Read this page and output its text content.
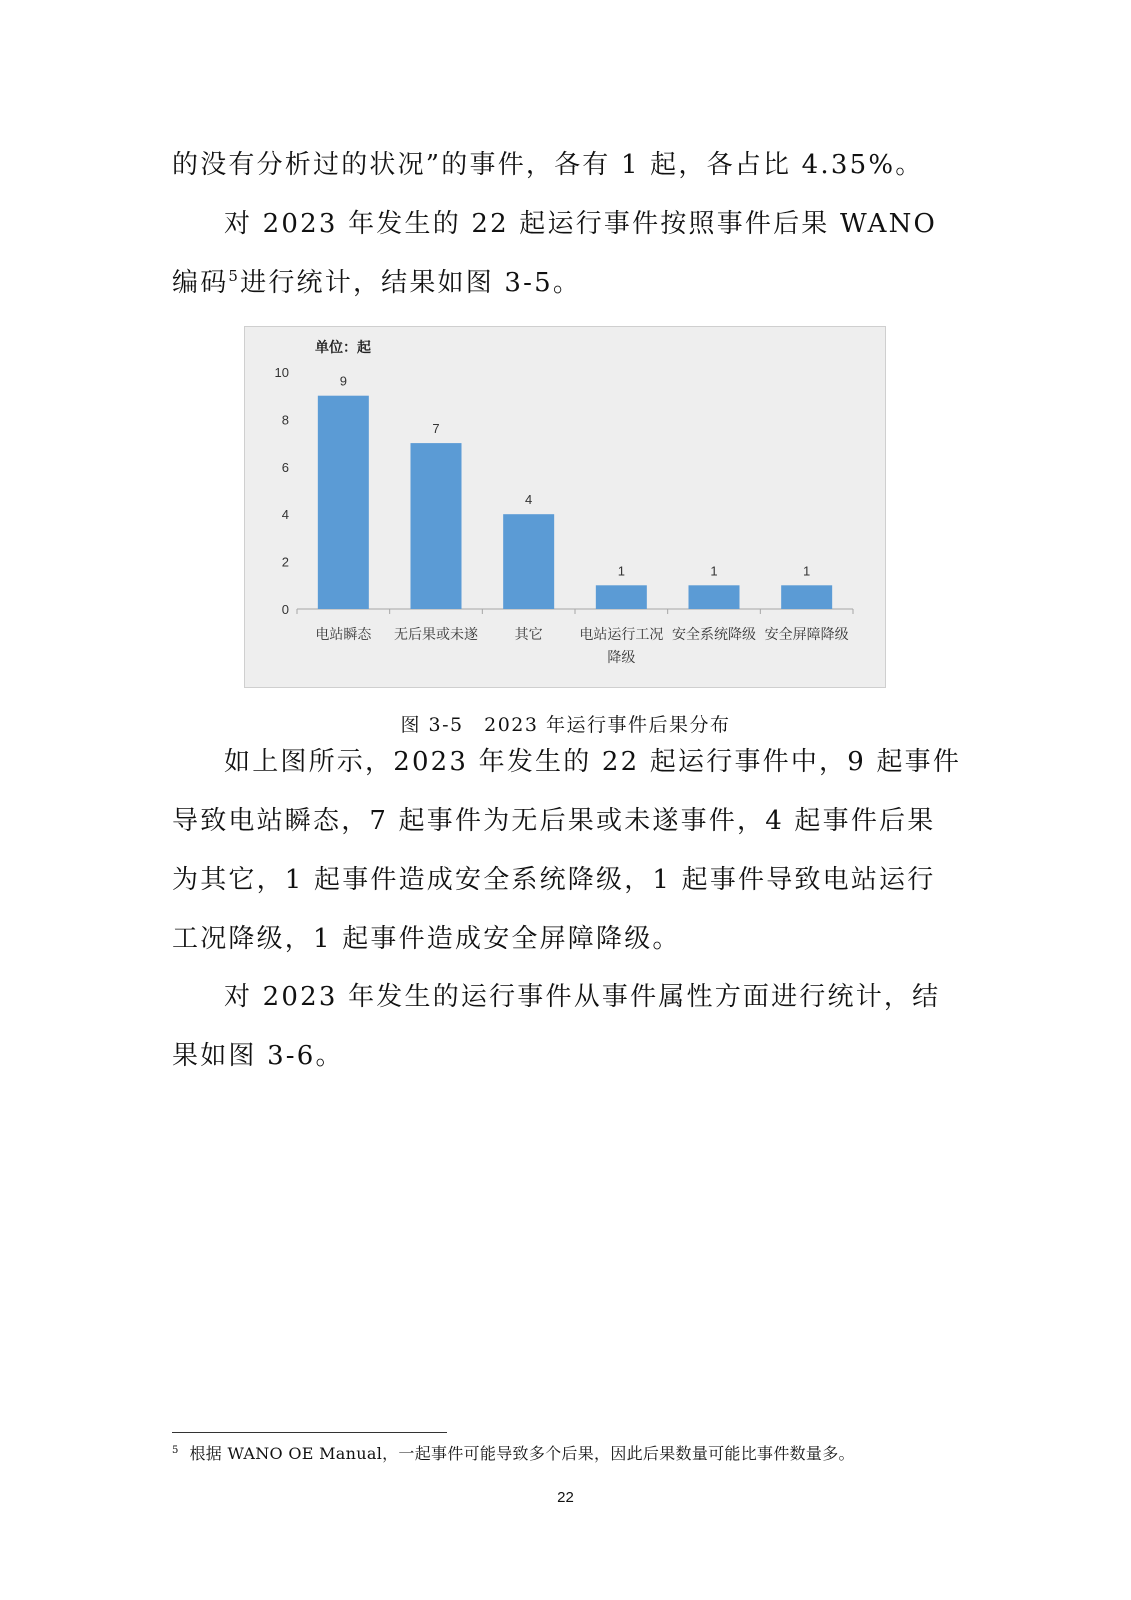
的没有分析过的状况”的事件，各有 1 起，各占比 4.35%。

对 2023 年发生的 22 起运行事件按照事件后果 WANO 编码$^5$进行统计，结果如图 3-5。

单位：起
0
2
4
6
8
10
9
电站瞬态
7
无后果或未遂
4
其它
1
电站运行工况降级
1
安全系统降级
1
安全屏障降级

图 3-5　2023 年运行事件后果分布

如上图所示，2023 年发生的 22 起运行事件中，9 起事件导致电站瞬态，7 起事件为无后果或未遂事件，4 起事件后果为其它，1 起事件造成安全系统降级，1 起事件导致电站运行工况降级，1 起事件造成安全屏障降级。

对 2023 年发生的运行事件从事件属性方面进行统计，结果如图 3-6。

$^5$ 根据 WANO OE Manual，一起事件可能导致多个后果，因此后果数量可能比事件数量多。

22
